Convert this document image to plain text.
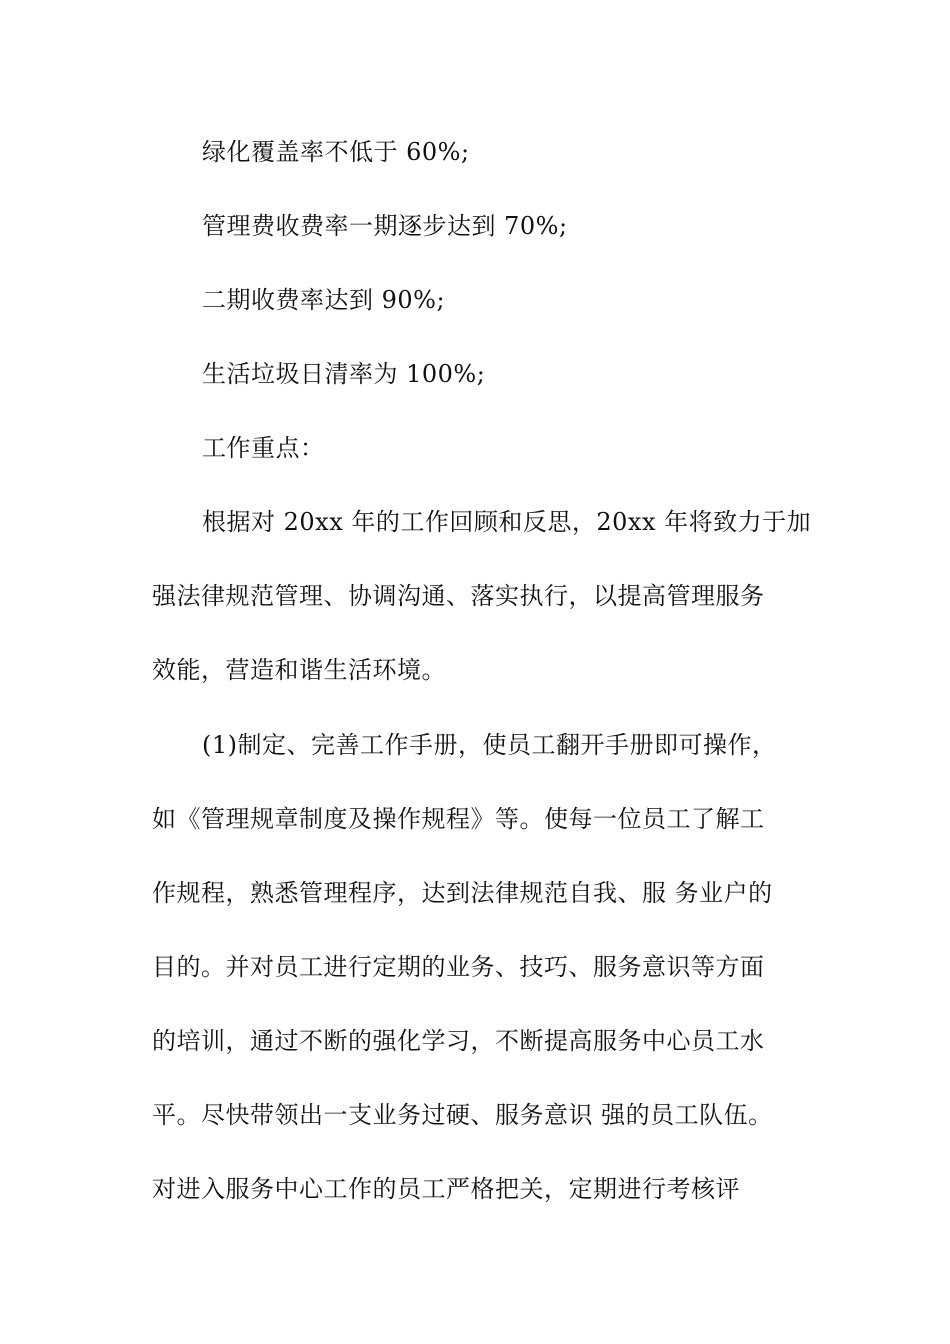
绿化覆盖率不低于 60%;
管理费收费率一期逐步达到 70%;
二期收费率达到 90%;
生活垃圾日清率为 100%;
工作重点：
根据对 20xx 年的工作回顾和反思，20xx 年将致力于加
强法律规范管理、协调沟通、落实执行，以提高管理服务
效能，营造和谐生活环境。
(1)制定、完善工作手册，使员工翻开手册即可操作，
如《管理规章制度及操作规程》等。使每一位员工了解工
作规程，熟悉管理程序，达到法律规范自我、服 务业户的
目的。并对员工进行定期的业务、技巧、服务意识等方面
的培训，通过不断的强化学习，不断提高服务中心员工水
平。尽快带领出一支业务过硬、服务意识 强的员工队伍。
对进入服务中心工作的员工严格把关，定期进行考核评
